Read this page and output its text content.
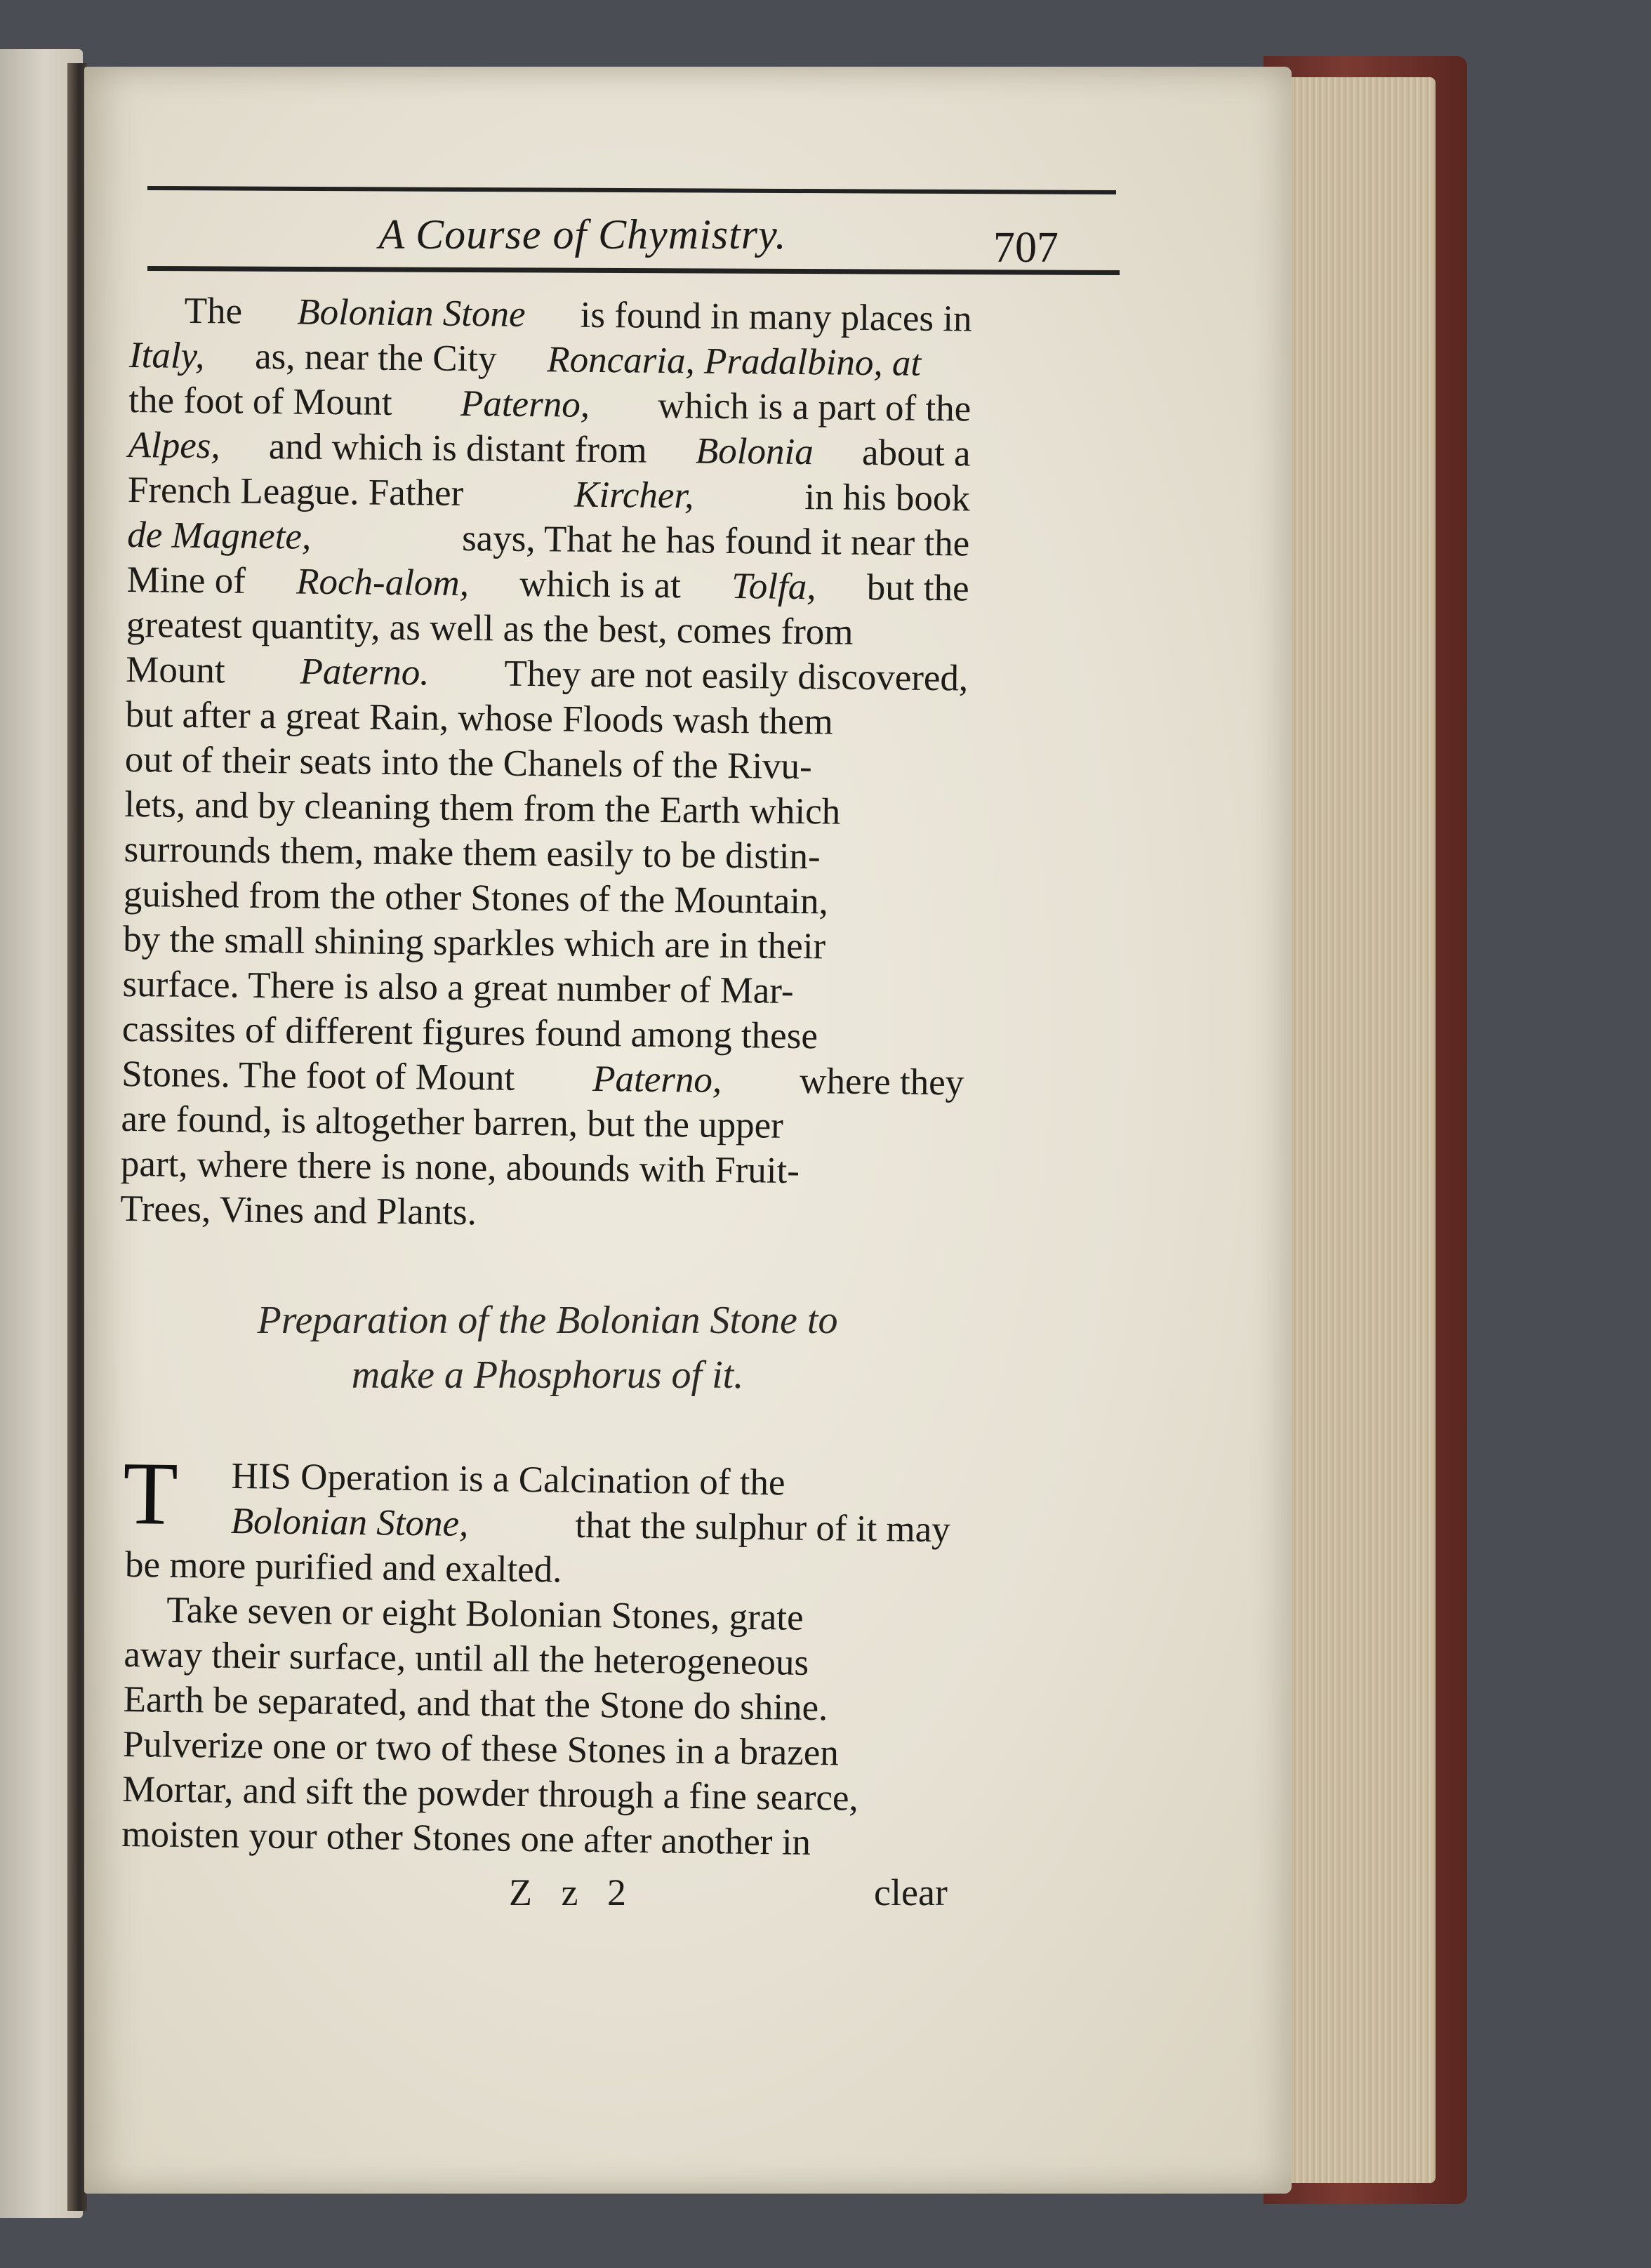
A Course of Chymistry.	707
The Bolonian Stone is found in many places in
Italy, as, near the City Roncaria, Pradalbino, at
the foot of Mount Paterno, which is a part of the
Alpes, and which is distant from Bolonia about a
French League. Father	Kircher,	in his book
de Magnete,	says, That he has found it near the
Mine of Roch-alom, which is at Tolfa, but the
greatest quantity, as well as the best, comes from
Mount Paterno. They are not easily discovered,
but after a great Rain, whose Floods wash them
out of their seats into the Chanels of the Rivu-
lets, and by cleaning them from the Earth which
surrounds them, make them easily to be distin-
guished from the other Stones of the Mountain,
by the small shining sparkles which are in their
surface. There is also a great number of Mar-
cassites of different figures found among these
Stones. The foot of Mount Paterno, where they
are found, is altogether barren, but the upper
part, where there is none, abounds with Fruit-
Trees, Vines and Plants.
Preparation of the Bolonian Stone to
make a Phosphorus of it.
T HIS Operation is a Calcination of the
Bolonian Stone,	that the sulphur of it may
be more purified and exalted.
Take seven or eight Bolonian Stones, grate
away their surface, until all the heterogeneous
Earth be separated, and that the Stone do shine.
Pulverize one or two of these Stones in a brazen
Mortar, and sift the powder through a fine searce,
moisten your other Stones one after another in
Z z 2	clear
